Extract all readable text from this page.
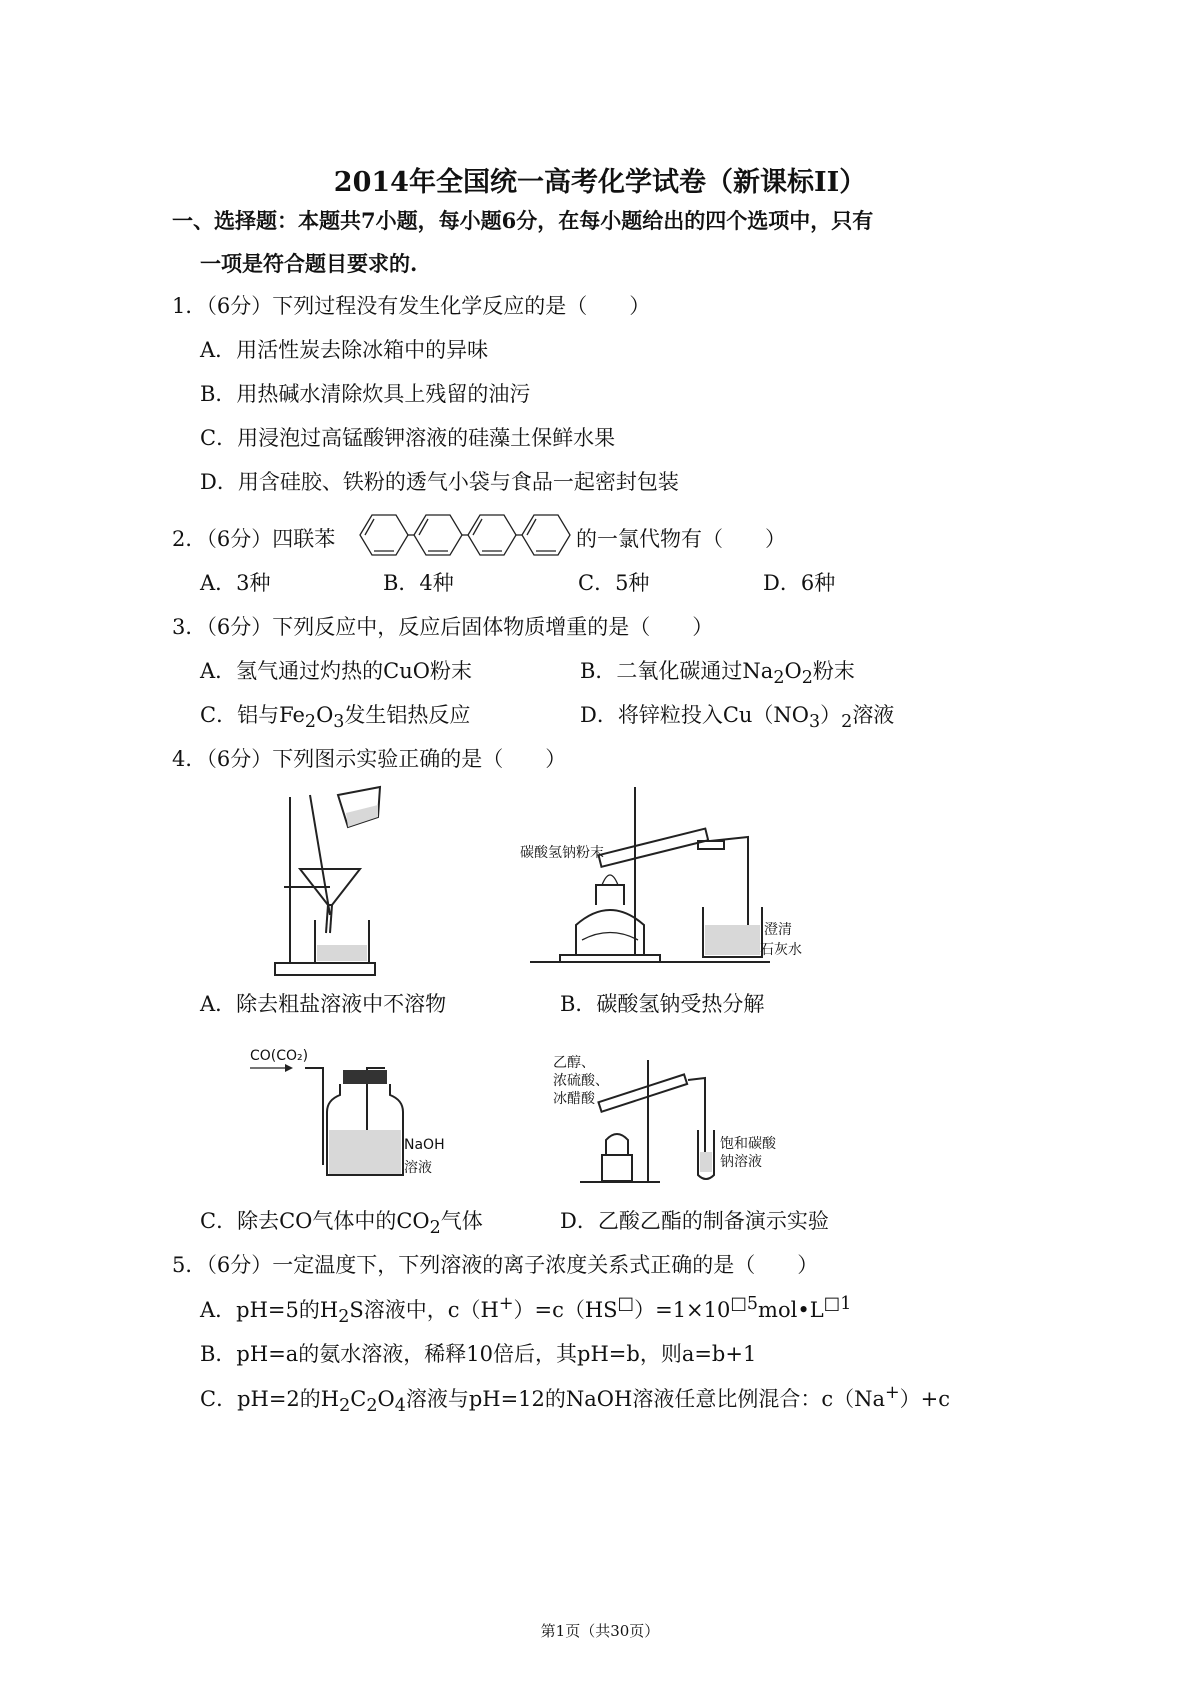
2014年全国统一高考化学试卷（新课标II）
一、选择题：本题共7小题，每小题6分，在每小题给出的四个选项中，只有
一项是符合题目要求的.
1．（6分）下列过程没有发生化学反应的是（　　）
A．用活性炭去除冰箱中的异味
B．用热碱水清除炊具上残留的油污
C．用浸泡过高锰酸钾溶液的硅藻土保鲜水果
D．用含硅胶、铁粉的透气小袋与食品一起密封包装
2．（6分）四联苯	的一氯代物有（　　）
A．3种	B．4种	C．5种	D．6种
3．（6分）下列反应中，反应后固体物质增重的是（　　）
A．氢气通过灼热的CuO粉末	B．二氧化碳通过$Na_2O_2$粉末
C．铝与$Fe_2O_3$发生铝热反应	D．将锌粒投入$Cu(NO_3)_2$溶液
4．（6分）下列图示实验正确的是（　　）
A．除去粗盐溶液中不溶物
碳酸氢钠粉末
澄清
石灰水
B．碳酸氢钠受热分解
CO(CO₂)
NaOH
溶液
C．除去CO气体中的$CO_2$气体
乙醇、
浓硫酸、
冰醋酸
饱和碳酸
钠溶液
D．乙酸乙酯的制备演示实验
5．（6分）一定温度下，下列溶液的离子浓度关系式正确的是（　　）
A．pH=5的$H_2S$溶液中，$c(H^+)=c(HS^□)=1\times 10^{□5}mol•L^{□1}$
B．pH=a的氨水溶液，稀释10倍后，其pH=b，则a=b+1
C．pH=2的$H_2C_2O_4$溶液与pH=12的NaOH溶液任意比例混合：c（Na+）+c
第1页（共30页）
